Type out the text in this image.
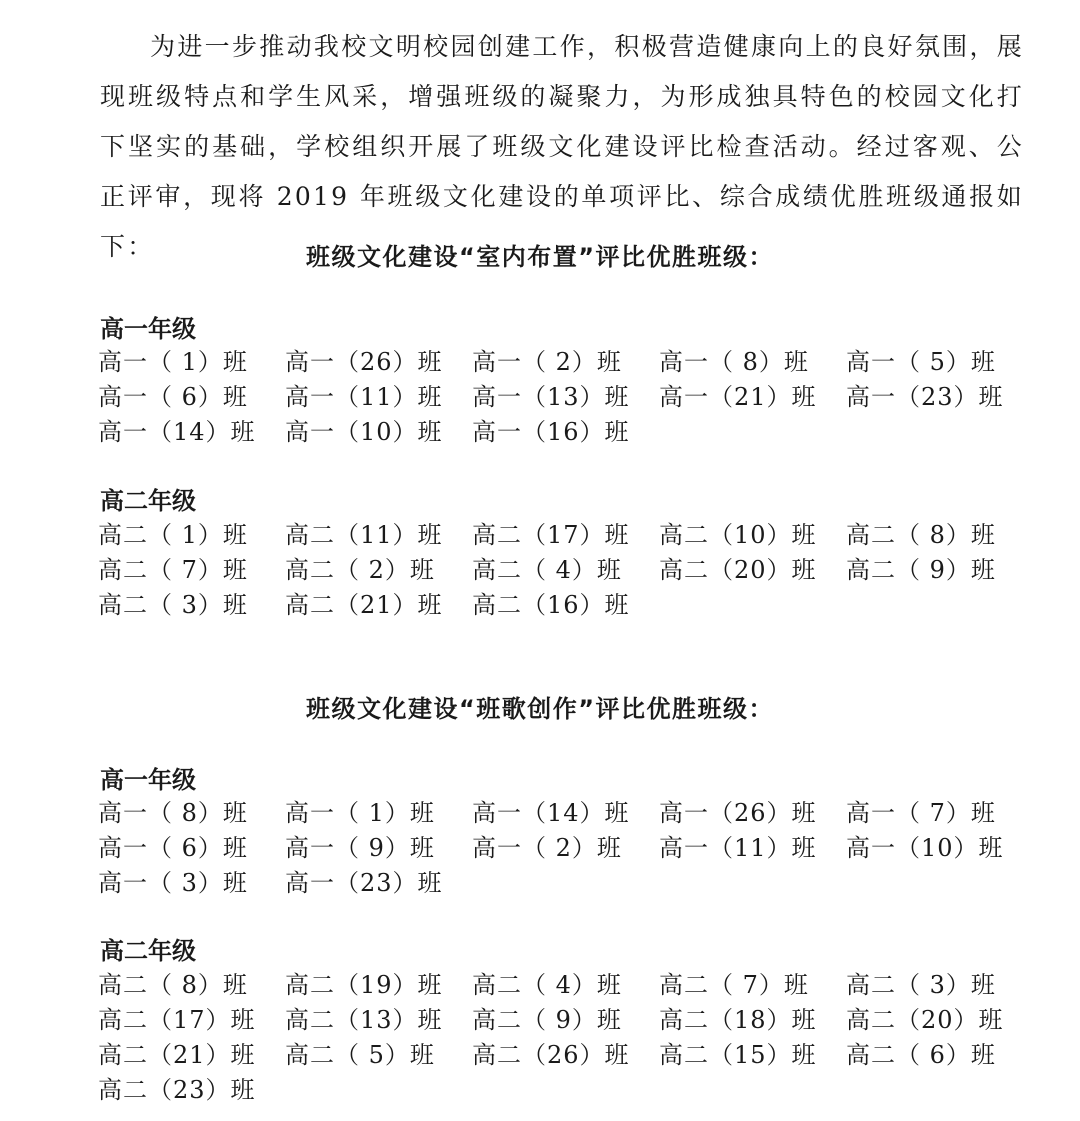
为进一步推动我校文明校园创建工作，积极营造健康向上的良好氛围，展现班级特点和学生风采，增强班级的凝聚力，为形成独具特色的校园文化打下坚实的基础，学校组织开展了班级文化建设评比检查活动。经过客观、公正评审，现将 2019 年班级文化建设的单项评比、综合成绩优胜班级通报如下：	班级文化建设“室内布置”评比优胜班级：
高一年级
高一（ 1）班	高一（26）班	高一（ 2）班	高一（ 8）班	高一（ 5）班
高一（ 6）班	高一（11）班	高一（13）班	高一（21）班	高一（23）班
高一（14）班	高一（10）班	高一（16）班
高二年级
高二（ 1）班	高二（11）班	高二（17）班	高二（10）班	高二（ 8）班
高二（ 7）班	高二（ 2）班	高二（ 4）班	高二（20）班	高二（ 9）班
高二（ 3）班	高二（21）班	高二（16）班
班级文化建设“班歌创作”评比优胜班级：
高一年级
高一（ 8）班	高一（ 1）班	高一（14）班	高一（26）班	高一（ 7）班
高一（ 6）班	高一（ 9）班	高一（ 2）班	高一（11）班	高一（10）班
高一（ 3）班	高一（23）班
高二年级
高二（ 8）班	高二（19）班	高二（ 4）班	高二（ 7）班	高二（ 3）班
高二（17）班	高二（13）班	高二（ 9）班	高二（18）班	高二（20）班
高二（21）班	高二（ 5）班	高二（26）班	高二（15）班	高二（ 6）班
高二（23）班
